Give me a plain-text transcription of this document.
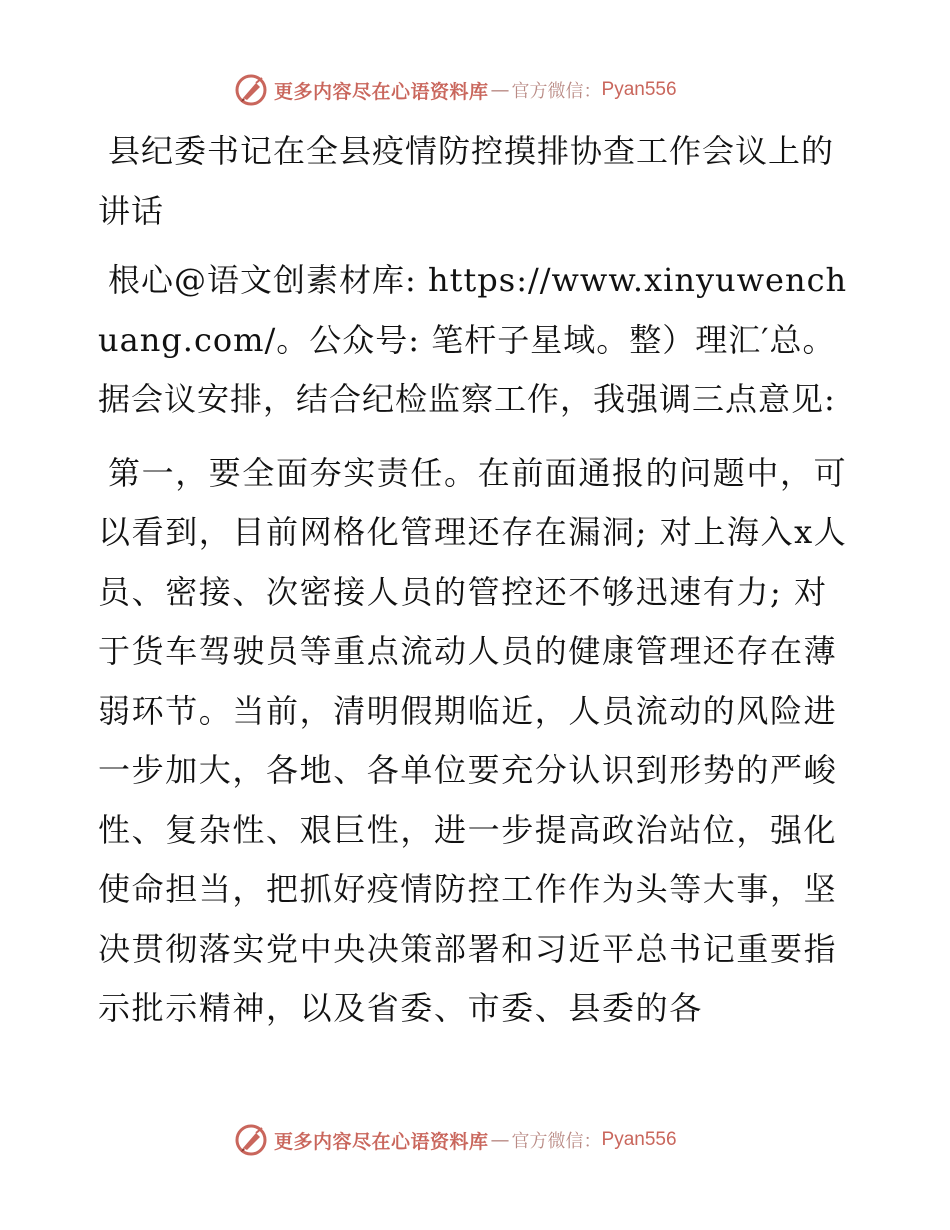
更多内容尽在心语资料库 — 官方微信： Pyan556

县纪委书记在全县疫情防控摸排协查工作会议上的讲话

根心@语文创素材库: https://www.xinyuwenchuang.com/。公众号: 笔杆子星域。整）理汇′总。据会议安排，结合纪检监察工作，我强调三点意见:

第一，要全面夯实责任。在前面通报的问题中，可以看到，目前网格化管理还存在漏洞; 对上海入x人员、密接、次密接人员的管控还不够迅速有力; 对于货车驾驶员等重点流动人员的健康管理还存在薄弱环节。当前，清明假期临近，人员流动的风险进一步加大，各地、各单位要充分认识到形势的严峻性、复杂性、艰巨性，进一步提高政治站位，强化使命担当，把抓好疫情防控工作作为头等大事，坚决贯彻落实党中央决策部署和习近平总书记重要指示批示精神，以及省委、市委、县委的各

更多内容尽在心语资料库 — 官方微信： Pyan556
